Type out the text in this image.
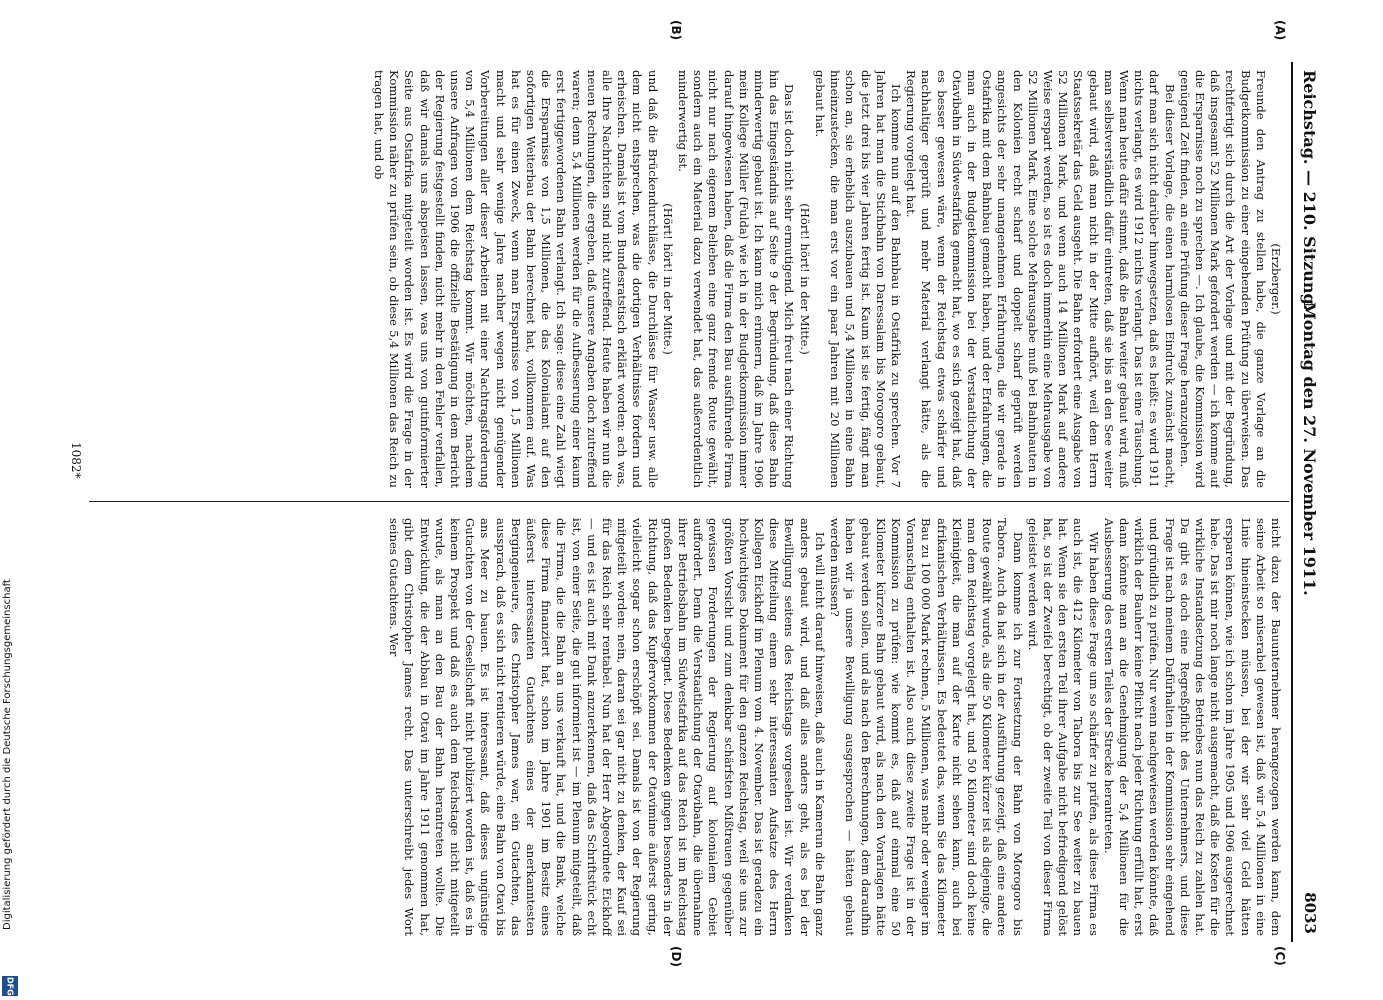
Digitalisierung gefördert durch die Deutsche Forschungsgemeinschaft
DFG
Reichstag. — 210. Sitzung.
Montag den 27. November 1911.
8033
(A)
(B)
(C)
(D)

(Erzberger.)

Freunde den Antrag zu stellen habe, die ganze Vorlage an die Budgetkommission zu einer eingehenden Prüfung zu überweisen. Das rechtfertigt sich durch die Art der Vorlage und mit der Begründung, daß insgesamt 52 Millionen Mark gefordert werden — ich komme auf die Ersparnisse noch zu sprechen —. Ich glaube, die Kommission wird genügend Zeit finden, an eine Prüfung dieser Frage heranzugehen.

Bei dieser Vorlage, die einen harmlosen Eindruck zunächst macht, darf man sich nicht darüber hinwegsetzen, daß es heißt: es wird 1911 nichts verlangt, es wird 1912 nichts verlangt. Das ist eine Täuschung. Wenn man heute dafür stimmt, daß die Bahn weiter gebaut wird, muß man selbstverständlich dafür eintreten, daß sie bis an den See weiter gebaut wird, daß man nicht in der Mitte aufhört, weil dem Herrn Staatssekretär das Geld ausgeht. Die Bahn erfordert eine Ausgabe von 52 Millionen Mark, und wenn auch 14 Millionen Mark auf andere Weise erspart werden, so ist es doch immerhin eine Mehrausgabe von 52 Millionen Mark. Eine solche Mehrausgabe muß bei Bahnbauten in den Kolonien recht scharf und doppelt scharf geprüft werden angesichts der sehr unangenehmen Erfahrungen, die wir gerade in Ostafrika mit dem Bahnbau gemacht haben, und der Erfahrungen, die man auch in der Budgetkommission bei der Verstaatlichung der Otavibahn in Südwestafrika gemacht hat, wo es sich gezeigt hat, daß es besser gewesen wäre, wenn der Reichstag etwas schärfer und nachhaltiger geprüft und mehr Material verlangt hätte, als die Regierung vorgelegt hat.

Ich komme nun auf den Bahnbau in Ostafrika zu sprechen. Vor 7 Jahren hat man die Stichbahn von Daressalam bis Morogoro gebaut, die jetzt drei bis vier Jahren fertig ist. Kaum ist sie fertig, fängt man schon an, sie erheblich auszubauen und 5,4 Millionen in eine Bahn hineinzustecken, die man erst vor ein paar Jahren mit 20 Millionen gebaut hat.

(Hört! hört! in der Mitte.)

Das ist doch nicht sehr ermutigend. Mich freut nach einer Richtung hin das Eingeständnis auf Seite 9 der Begründung, daß diese Bahn minderwertig gebaut ist. Ich kann mich erinnern, daß im Jahre 1906 mein Kollege Müller (Fulda) wie ich in der Budgetkommission immer darauf hingewiesen haben, daß die Firma den Bau ausführende Firma nicht nur nach eigenem Belieben eine ganz fremde Route gewählt, sondern auch ein Material dazu verwendet hat, das außerordentlich minderwertig ist.

(Hört! hört! in der Mitte.)

und daß die Brückendurchlässe, die Durchlässe für Wasser usw. alle dem nicht entsprechen, was die dortigen Verhältnisse fordern und erheischen. Damals ist vom Bundesratstisch erklärt worden: ach was, alle Ihre Nachrichten sind nicht zutreffend. Heute haben wir nun die neuen Rechnungen, die ergeben, daß unsere Angaben doch zutreffend waren; denn 5,4 Millionen werden für die Aufbesserung einer kaum erst fertiggewordenen Bahn verlangt. Ich sage: diese eine Zahl wiegt die Ersparnisse von 1,5 Millionen, die das Kolonialamt auf den sofortigen Weiterbau der Bahn berechnet hat, vollkommen auf. Was hat es für einen Zweck, wenn man Ersparnisse von 1,5 Millionen macht und sehr wenige Jahre nachher wegen nicht genügender Vorbereitungen aller dieser Arbeiten mit einer Nachtragsforderung von 5,4 Millionen dem Reichstag kommt. Wir möchten, nachdem unsere Anfragen von 1906 die offizielle Bestätigung in dem Bericht der Regierung festgestellt finden, nicht mehr in den Fehler verfallen, daß wir damals uns abspeisen lassen, was uns von gutinformierter Seite aus Ostafrika mitgeteilt worden ist. Es wird die Frage in der Kommission näher zu prüfen sein, ob diese 5,4 Millionen das Reich zu tragen hat, und ob

nicht dazu der Bauunternehmer herangezogen werden kann, dem seine Arbeit so miserabel gewesen ist, daß wir 5,4 Millionen in eine Linie hineinstecken müssen, bei der wir sehr viel Geld hätten ersparen können, wie ich schon im Jahre 1905 und 1906 ausgerechnet habe. Das ist mir noch lange nicht ausgemacht, daß die Kosten für die wirkliche Instandsetzung des Betriebes nun das Reich zu zahlen hat. Da gibt es doch eine Regreßpflicht des Unternehmers, und diese Frage ist nach meinem Dafürhalten in der Kommission sehr eingehend und gründlich zu prüfen. Nur wenn nachgewiesen werden könnte, daß wirklich der Bauherr keine Pflicht nach jeder Richtung erfüllt hat, erst dann könnte man an die Genehmigung der 5,4 Millionen für die Ausbesserung des ersten Teiles der Strecke herantreten.

Wir haben diese Frage um so schärfer zu prüfen, als diese Firma es auch ist, die 412 Kilometer von Tabora bis zur See weiter zu bauen hat. Wenn sie den ersten Teil ihrer Aufgabe nicht befriedigend gelöst hat, so ist der Zweifel berechtigt, ob der zweite Teil von dieser Firma geleistet werden wird.

Dann komme ich zur Fortsetzung der Bahn von Morogoro bis Tabora. Auch da hat sich in der Ausführung gezeigt, daß eine andere Route gewählt wurde, als die 50 Kilometer kürzer ist als diejenige, die man dem Reichstag vorgelegt hat, und 50 Kilometer sind doch keine Kleinigkeit, die man auf der Karte nicht sehen kann, auch bei afrikanischen Verhältnissen. Es bedeutet das, wenn Sie das Kilometer Bau zu 100 000 Mark rechnen, 5 Millionen, was mehr oder weniger im Voranschlag enthalten ist. Also auch diese zweite Frage ist in der Kommission zu prüfen: wie kommt es, daß auf einmal eine 50 Kilometer kürzere Bahn gebaut wird, als nach den Vorarlagen hätte gebaut werden sollen, und als nach den Berechnungen, dem daraufhin haben wir ja unsere Bewilligung ausgesprochen — hätten gebaut werden müssen?

Ich will nicht darauf hinweisen, daß auch in Kamerun die Bahn ganz anders gebaut wird, und daß alles anders geht, als es bei der Bewilligung seitens des Reichstags vorgesehen ist. Wir verdanken diese Mitteilung einem sehr interessanten Aufsatze des Herrn Kollegen Eickhoff im Plenum vom 4. November. Das ist geradezu ein hochwichtiges Dokument für den ganzen Reichstag, weil sie uns zur größten Vorsicht und zum denkbar schärfsten Mißtrauen gegenüber gewissen Forderungen der Regierung auf kolonialem Gebiet auffordert. Denn die Verstaatlichung der Otavibahn, die übernahme ihrer Betriebsbahn im Südwestafrika auf das Reich ist im Reichstag großen Bedenken begegnet. Diese Bedenken gingen besonders in der Richtung, daß das Kupfervorkommen der Otavimine äußerst gering, vielleicht sogar schon erschöpft sei. Damals ist von der Regierung mitgeteilt worden: nein, daran sei gar nicht zu denken, der Kauf sei für das Reich sehr rentabel. Nun hat der Herr Abgeordnete Eickhoff — und es ist auch mit Dank anzuerkennen, daß das Schriftstück echt ist, von einer Seite, die gut informiert ist — im Plenum mitgeteilt, daß die Firma, die die Bahn an uns verkauft hat, und die Bank, welche diese Firma finanziert hat, schon im Jahre 1901 im Besitz eines äußerst interessanten Gutachtens eines der anerkanntesten Bergingenieure, des Christopher James war, ein Gutachten, das aussprach, daß es sich nicht rentieren würde, eine Bahn von Otavi bis ans Meer zu bauen. Es ist interessant, daß dieses ungünstige Gutachten von der Gesellschaft nicht publiziert worden ist, daß es in keinem Prospekt und daß es auch dem Reichstage nicht mitgeteilt wurde, als man an den Bau der Bahn herantreten wollte. Die Entwicklung, die der Abbau in Otavi im Jahre 1911 genommen hat, gibt dem Christopher James recht. Das unterschreibt jedes Wort seines Gutachtens. Wer

1082*
